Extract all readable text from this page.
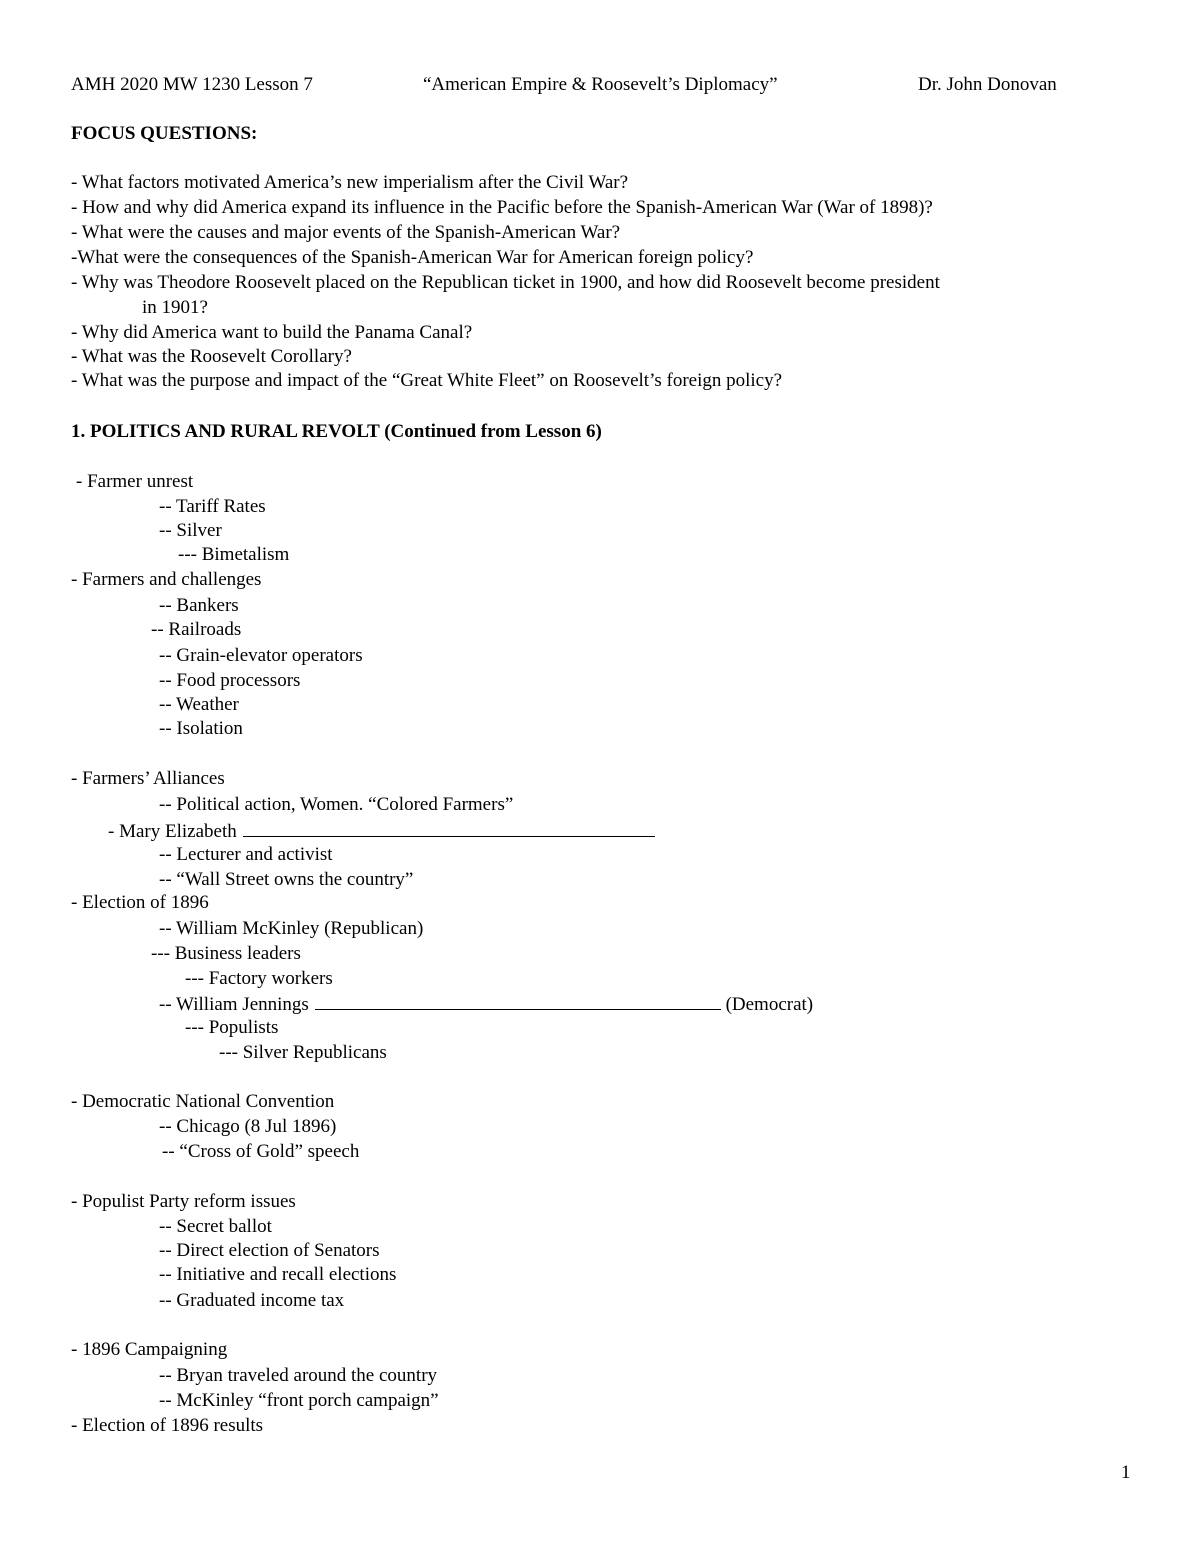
AMH 2020 MW 1230 Lesson 7	“American Empire & Roosevelt’s Diplomacy”	Dr. John Donovan
FOCUS QUESTIONS:
- What factors motivated America’s new imperialism after the Civil War?
- How and why did America expand its influence in the Pacific before the Spanish-American War (War of 1898)?
- What were the causes and major events of the Spanish-American War?
-What were the consequences of the Spanish-American War for American foreign policy?
- Why was Theodore Roosevelt placed on the Republican ticket in 1900, and how did Roosevelt become president
in 1901?
- Why did America want to build the Panama Canal?
- What was the Roosevelt Corollary?
- What was the purpose and impact of the “Great White Fleet” on Roosevelt’s foreign policy?
1. POLITICS AND RURAL REVOLT (Continued from Lesson 6)
- Farmer unrest
-- Tariff Rates
-- Silver
--- Bimetalism
- Farmers and challenges
-- Bankers
-- Railroads
-- Grain-elevator operators
-- Food processors
-- Weather
-- Isolation
- Farmers’ Alliances
-- Political action, Women. “Colored Farmers”
- Mary Elizabeth
-- Lecturer and activist
-- “Wall Street owns the country”
- Election of 1896
-- William McKinley (Republican)
--- Business leaders
--- Factory workers
-- William Jennings	(Democrat)
--- Populists
--- Silver Republicans
- Democratic National Convention
-- Chicago (8 Jul 1896)
-- “Cross of Gold” speech
- Populist Party reform issues
-- Secret ballot
-- Direct election of Senators
-- Initiative and recall elections
-- Graduated income tax
- 1896 Campaigning
-- Bryan traveled around the country
-- McKinley “front porch campaign”
- Election of 1896 results
1
